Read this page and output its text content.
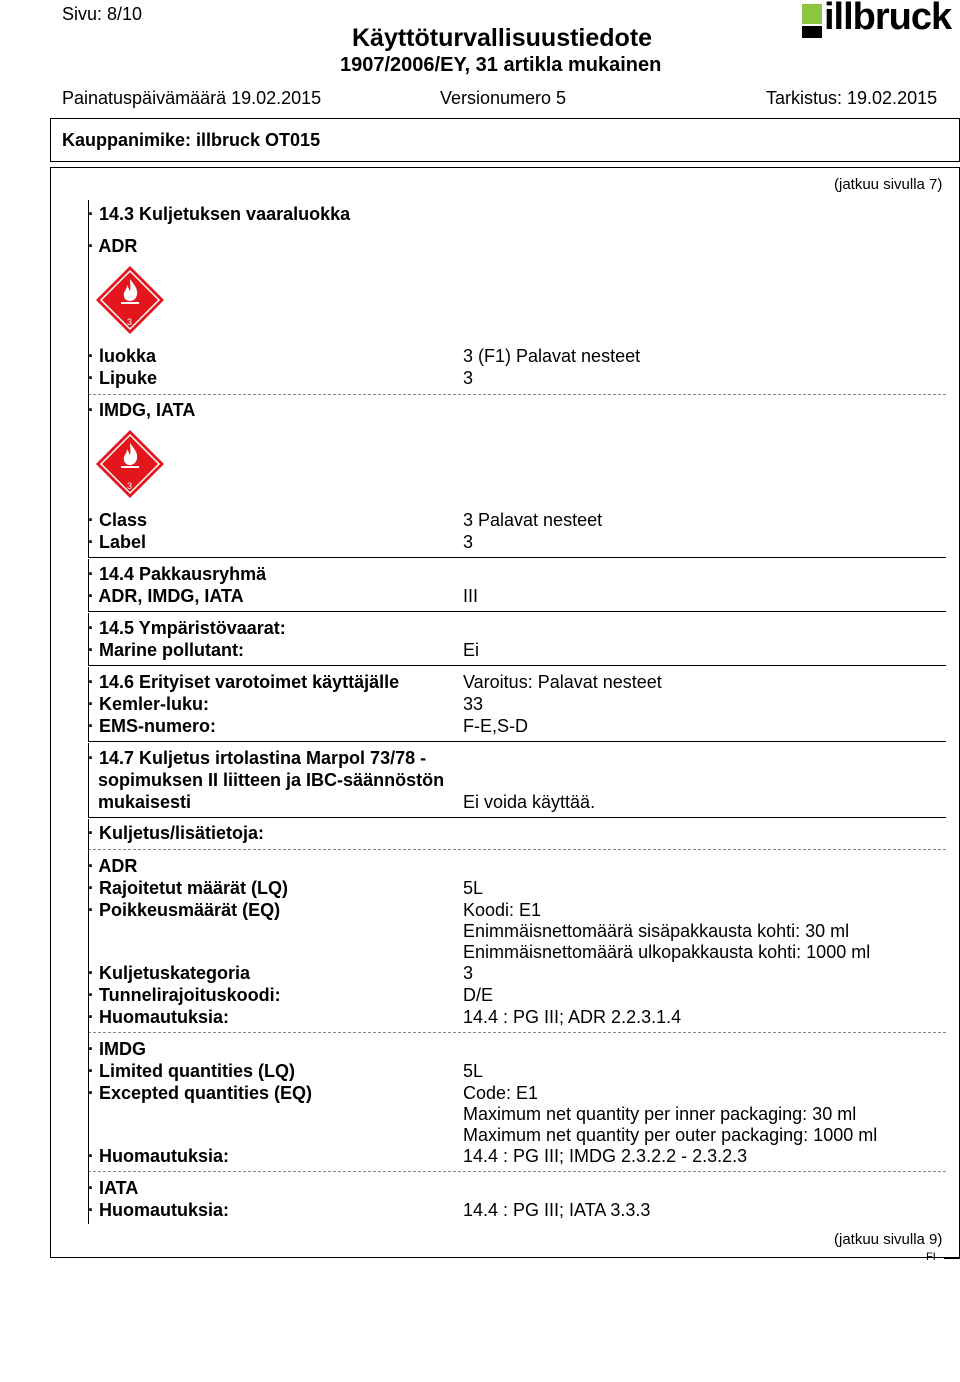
Sivu: 8/10
Käyttöturvallisuustiedote
1907/2006/EY, 31 artikla mukainen
illbruck
Painatuspäivämäärä 19.02.2015	Versionumero 5	Tarkistus: 19.02.2015
Kauppanimike: illbruck OT015
(jatkuu sivulla 7)
· 14.3 Kuljetuksen vaaraluokka
· ADR
3
· luokka	3 (F1) Palavat nesteet
· Lipuke	3
· IMDG, IATA
3
· Class	3 Palavat nesteet
· Label	3
· 14.4 Pakkausryhmä
· ADR, IMDG, IATA	III
· 14.5 Ympäristövaarat:
· Marine pollutant:	Ei
· 14.6 Erityiset varotoimet käyttäjälle	Varoitus: Palavat nesteet
· Kemler-luku:	33
· EMS-numero:	F-E,S-D
· 14.7 Kuljetus irtolastina Marpol 73/78 -
sopimuksen II liitteen ja IBC-säännöstön
mukaisesti	Ei voida käyttää.
· Kuljetus/lisätietoja:
· ADR
· Rajoitetut määrät (LQ)	5L
· Poikkeusmäärät (EQ)	Koodi: E1
Enimmäisnettomäärä sisäpakkausta kohti: 30 ml
Enimmäisnettomäärä ulkopakkausta kohti: 1000 ml
· Kuljetuskategoria	3
· Tunnelirajoituskoodi:	D/E
· Huomautuksia:	14.4 : PG III; ADR 2.2.3.1.4
· IMDG
· Limited quantities (LQ)	5L
· Excepted quantities (EQ)	Code: E1
Maximum net quantity per inner packaging: 30 ml
Maximum net quantity per outer packaging: 1000 ml
· Huomautuksia:	14.4 : PG III; IMDG 2.3.2.2 - 2.3.2.3
· IATA
· Huomautuksia:	14.4 : PG III; IATA 3.3.3
(jatkuu sivulla 9)
FI
